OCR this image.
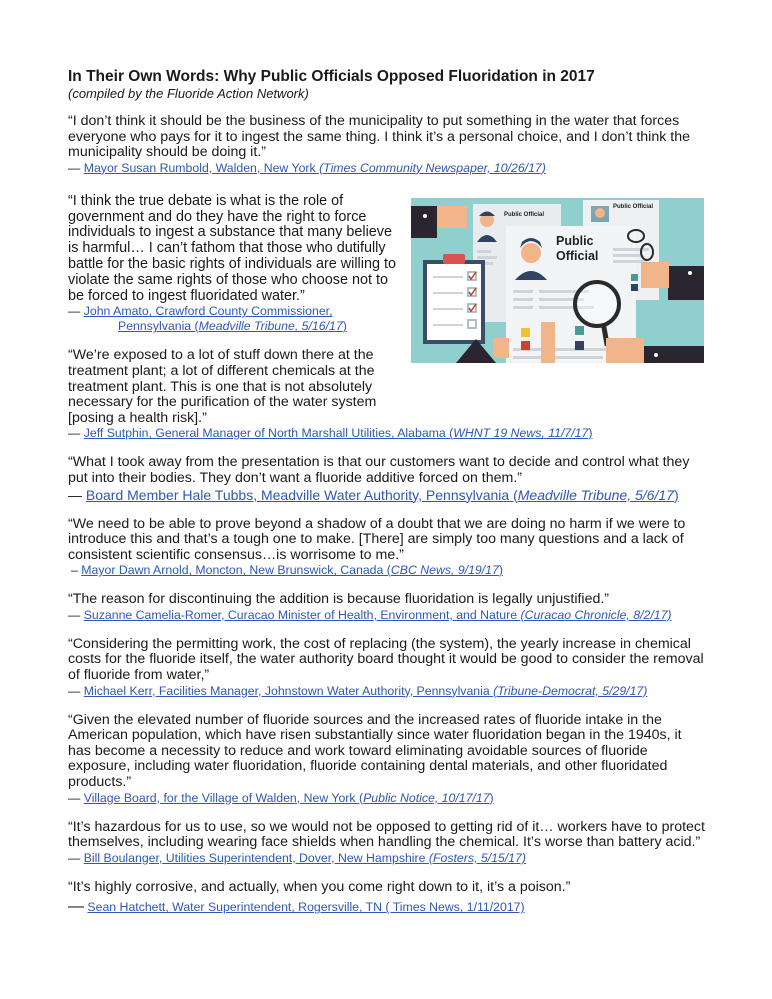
In Their Own Words: Why Public Officials Opposed Fluoridation in 2017

(compiled by the Fluoride Action Network)

“I don’t think it should be the business of the municipality to put something in the water that forces everyone who pays for it to ingest the same thing. I think it’s a personal choice, and I don’t think the municipality should be doing it.”

— Mayor Susan Rumbold, Walden, New York (Times Community Newspaper, 10/26/17)

“I think the true debate is what is the role of government and do they have the right to force individuals to ingest a substance that many believe is harmful… I can’t fathom that those who dutifully battle for the basic rights of individuals are willing to violate the same rights of those who choose not to be forced to ingest fluoridated water.”

— John Amato, Crawford County Commissioner,

Pennsylvania (Meadville Tribune, 5/16/17)

“We’re exposed to a lot of stuff down there at the treatment plant; a lot of different chemicals at the treatment plant. This is one that is not absolutely necessary for the purification of the water system [posing a health risk].”

— Jeff Sutphin, General Manager of North Marshall Utilities, Alabama (WHNT 19 News, 11/7/17)

“What I took away from the presentation is that our customers want to decide and control what they put into their bodies. They don’t want a fluoride additive forced on them.”

— Board Member Hale Tubbs, Meadville Water Authority, Pennsylvania (Meadville Tribune, 5/6/17)

“We need to be able to prove beyond a shadow of a doubt that we are doing no harm if we were to introduce this and that’s a tough one to make. [There] are simply too many questions and a lack of consistent scientific consensus…is worrisome to me.”

– Mayor Dawn Arnold, Moncton, New Brunswick, Canada (CBC News, 9/19/17)

“The reason for discontinuing the addition is because fluoridation is legally unjustified.”

— Suzanne Camelia-Romer, Curacao Minister of Health, Environment, and Nature (Curacao Chronicle, 8/2/17)

“Considering the permitting work, the cost of replacing (the system), the yearly increase in chemical costs for the fluoride itself, the water authority board thought it would be good to consider the removal of fluoride from water,”

— Michael Kerr, Facilities Manager, Johnstown Water Authority, Pennsylvania (Tribune-Democrat, 5/29/17)

“Given the elevated number of fluoride sources and the increased rates of fluoride intake in the American population, which have risen substantially since water fluoridation began in the 1940s, it has become a necessity to reduce and work toward eliminating avoidable sources of fluoride exposure, including water fluoridation, fluoride containing dental materials, and other fluoridated products.”

— Village Board, for the Village of Walden, New York (Public Notice, 10/17/17)

“It’s hazardous for us to use, so we would not be opposed to getting rid of it… workers have to protect themselves, including wearing face shields when handling the chemical. It’s worse than battery acid.”

— Bill Boulanger, Utilities Superintendent, Dover, New Hampshire (Fosters, 5/15/17)

“It’s highly corrosive, and actually, when you come right down to it, it’s a poison.”

— Sean Hatchett, Water Superintendent, Rogersville, TN ( Times News, 1/11/2017)

Public Official
Public Official
Public
Official
